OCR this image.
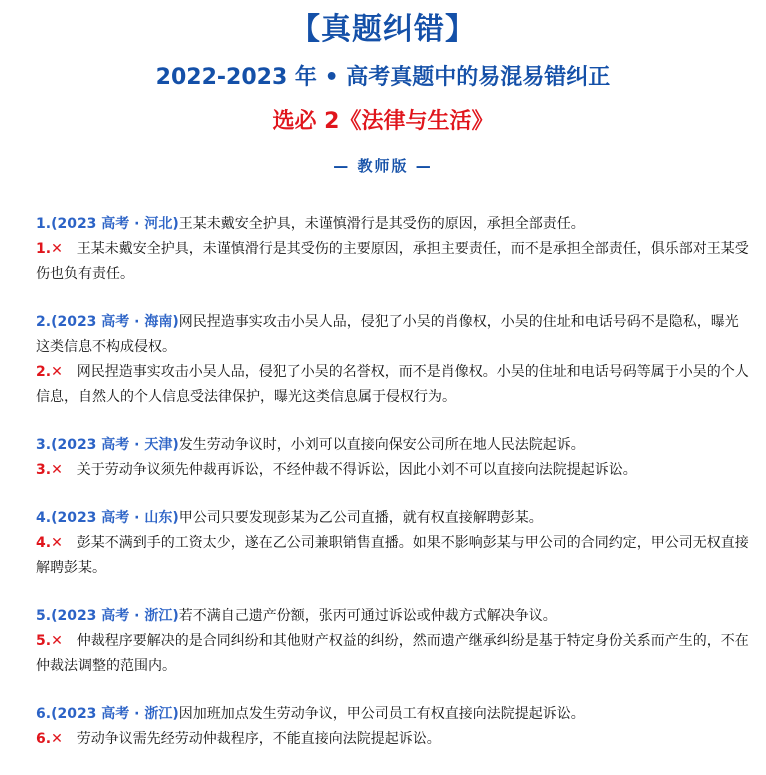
【真题纠错】
2022-2023 年 • 高考真题中的易混易错纠正
选必 2《法律与生活》
— 教师版 —
1.(2023 高考 · 河北)王某未戴安全护具，未谨慎滑行是其受伤的原因，承担全部责任。
1.✕ 王某未戴安全护具，未谨慎滑行是其受伤的主要原因，承担主要责任，而不是承担全部责任，俱乐部对王某受伤也负有责任。
2.(2023 高考 · 海南)网民捏造事实攻击小吴人品，侵犯了小吴的肖像权，小吴的住址和电话号码不是隐私，曝光这类信息不构成侵权。
2.✕ 网民捏造事实攻击小吴人品，侵犯了小吴的名誉权，而不是肖像权。小吴的住址和电话号码等属于小吴的个人信息，自然人的个人信息受法律保护，曝光这类信息属于侵权行为。
3.(2023 高考 · 天津)发生劳动争议时，小刘可以直接向保安公司所在地人民法院起诉。
3.✕ 关于劳动争议须先仲裁再诉讼，不经仲裁不得诉讼，因此小刘不可以直接向法院提起诉讼。
4.(2023 高考 · 山东)甲公司只要发现彭某为乙公司直播，就有权直接解聘彭某。
4.✕ 彭某不满到手的工资太少，遂在乙公司兼职销售直播。如果不影响彭某与甲公司的合同约定，甲公司无权直接解聘彭某。
5.(2023 高考 · 浙江)若不满自己遗产份额，张丙可通过诉讼或仲裁方式解决争议。
5.✕ 仲裁程序要解决的是合同纠纷和其他财产权益的纠纷，然而遗产继承纠纷是基于特定身份关系而产生的，不在仲裁法调整的范围内。
6.(2023 高考 · 浙江)因加班加点发生劳动争议，甲公司员工有权直接向法院提起诉讼。
6.✕ 劳动争议需先经劳动仲裁程序，不能直接向法院提起诉讼。
